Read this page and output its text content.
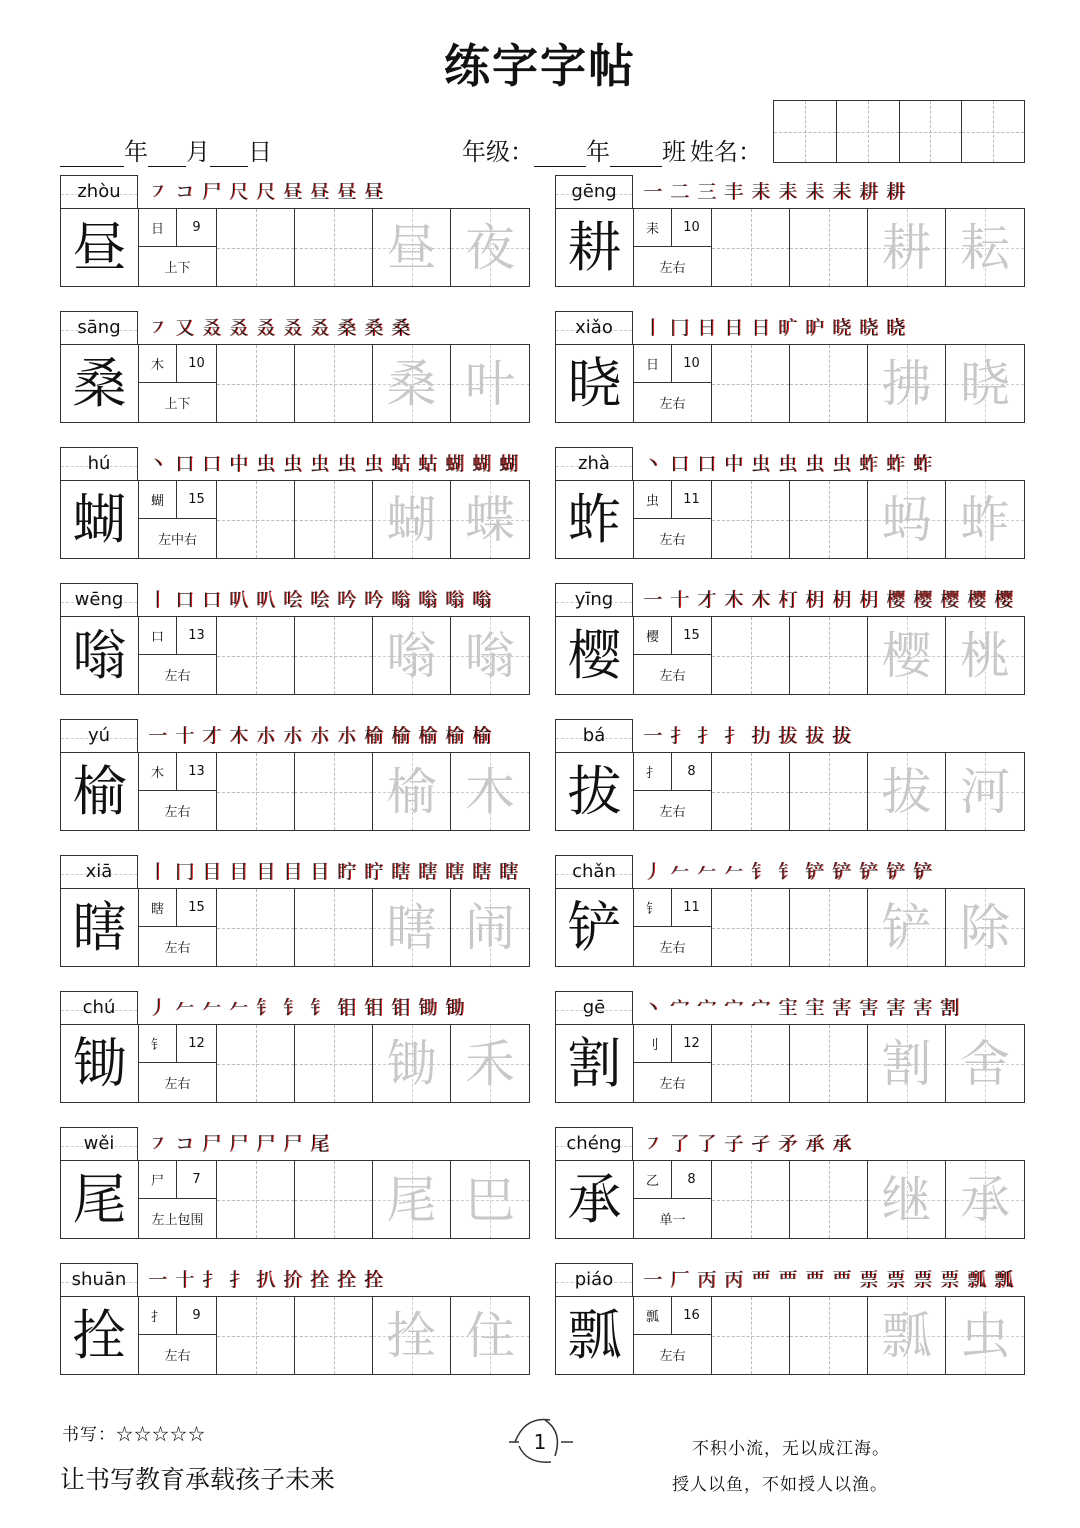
练字字帖
年 月 日	年级： 年 班 姓名：
zhòu	㇇ コ 尸 尺 尺 昼 昼 昼 昼
昼	日	9
上下	昼 夜
gēng	一 二 三 丰 耒 耒 耒 耒 耕 耕
耕	耒	10
左右	耕 耘
sāng	㇇ 又 叒 叒 叒 叒 叒 桑 桑 桑
桑	木	10
上下	桑 叶
xiǎo	丨 冂 日 日 日 旷 昈 晓 晓 晓
晓	日	10
左右	拂 晓
hú	丶 口 口 中 虫 虫 虫 虫 虫 蛄 蛄 蝴 蝴 蝴
蝴	蝴	15
左中右	蝴 蝶
zhà	丶 口 口 中 虫 虫 虫 虫 蚱 蚱 蚱
蚱	虫	11
左右	蚂 蚱
wēng	丨 口 口 叭 叭 哙 哙 吟 吟 嗡 嗡 嗡 嗡
嗡	口	13
左右	嗡 嗡
yīng	一 十 才 木 木 朾 枂 枂 枂 樱 樱 樱 樱 樱
樱	樱	15
左右	樱 桃
yú	一 十 才 木 朩 朩 朩 朩 榆 榆 榆 榆 榆
榆	木	13
左右	榆 木
bá	一 扌 扌 扌 扐 拔 拔 拔
拔	扌	8
左右	拔 河
xiā	丨 冂 目 目 目 目 目 眝 眝 瞎 瞎 瞎 瞎 瞎
瞎	瞎	15
左右	瞎 闹
chǎn	丿 𠂉 𠂉 𠂉 钅 钅 铲 铲 铲 铲 铲
铲	钅	11
左右	铲 除
chú	丿 𠂉 𠂉 𠂉 钅 钅 钅 钼 钼 钼 锄 锄
锄	钅	12
左右	锄 禾
gē	丶 宀 宀 宀 宀 宔 宔 害 害 害 害 割
割	刂	12
左右	割 舍
wěi	㇇ コ 尸 尸 尸 尸 尾
尾	尸	7
左上包围	尾 巴
chéng	㇇ 了 了 子 孑 矛 承 承
承	乙	8
单一	继 承
shuān	一 十 扌 扌 扒 扴 拴 拴 拴
拴	扌	9
左右	拴 住
piáo	一 厂 丙 丙 覀 覀 覀 覀 票 票 票 票 瓢 瓢
瓢	瓢	16
左右	瓢 虫
书写：☆☆☆☆☆
让书写教育承载孩子未来
1	不积小流，无以成江海。
授人以鱼，不如授人以渔。
